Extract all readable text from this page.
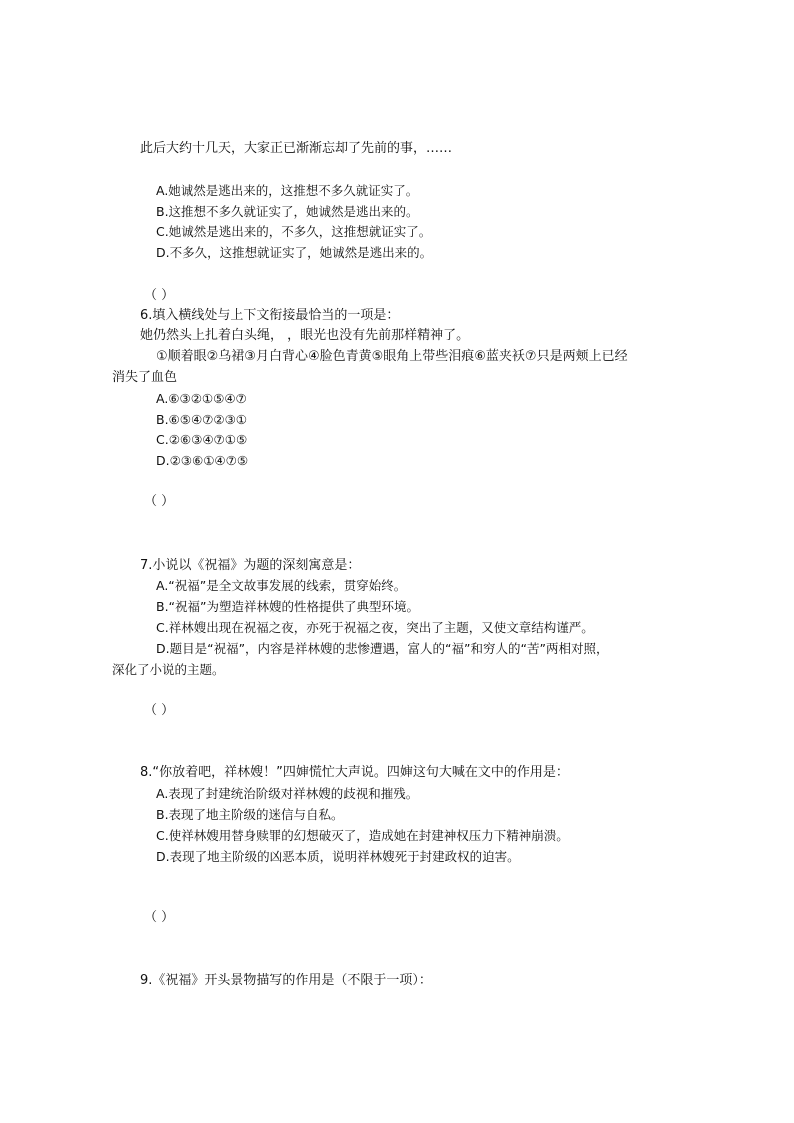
此后大约十几天，大家正已渐渐忘却了先前的事，……
A.她诚然是逃出来的，这推想不多久就证实了。
B.这推想不多久就证实了，她诚然是逃出来的。
C.她诚然是逃出来的，不多久，这推想就证实了。
D.不多久，这推想就证实了，她诚然是逃出来的。
（ ）
6.填入横线处与上下文衔接最恰当的一项是：
她仍然头上扎着白头绳， ，眼光也没有先前那样精神了。
①顺着眼②乌裙③月白背心④脸色青黄⑤眼角上带些泪痕⑥蓝夹袄⑦只是两颊上已经
消失了血色
A.⑥③②①⑤④⑦
B.⑥⑤④⑦②③①
C.②⑥③④⑦①⑤
D.②③⑥①④⑦⑤
（ ）
7.小说以《祝福》为题的深刻寓意是：
A.“祝福”是全文故事发展的线索，贯穿始终。
B.“祝福”为塑造祥林嫂的性格提供了典型环境。
C.祥林嫂出现在祝福之夜，亦死于祝福之夜，突出了主题，又使文章结构谨严。
D.题目是“祝福”，内容是祥林嫂的悲惨遭遇，富人的“福”和穷人的“苦”两相对照，
深化了小说的主题。
（ ）
8.“你放着吧，祥林嫂！”四婶慌忙大声说。四婶这句大喊在文中的作用是：
A.表现了封建统治阶级对祥林嫂的歧视和摧残。
B.表现了地主阶级的迷信与自私。
C.使祥林嫂用替身赎罪的幻想破灭了，造成她在封建神权压力下精神崩溃。
D.表现了地主阶级的凶恶本质，说明祥林嫂死于封建政权的迫害。
（ ）
9.《祝福》开头景物描写的作用是（不限于一项）：
